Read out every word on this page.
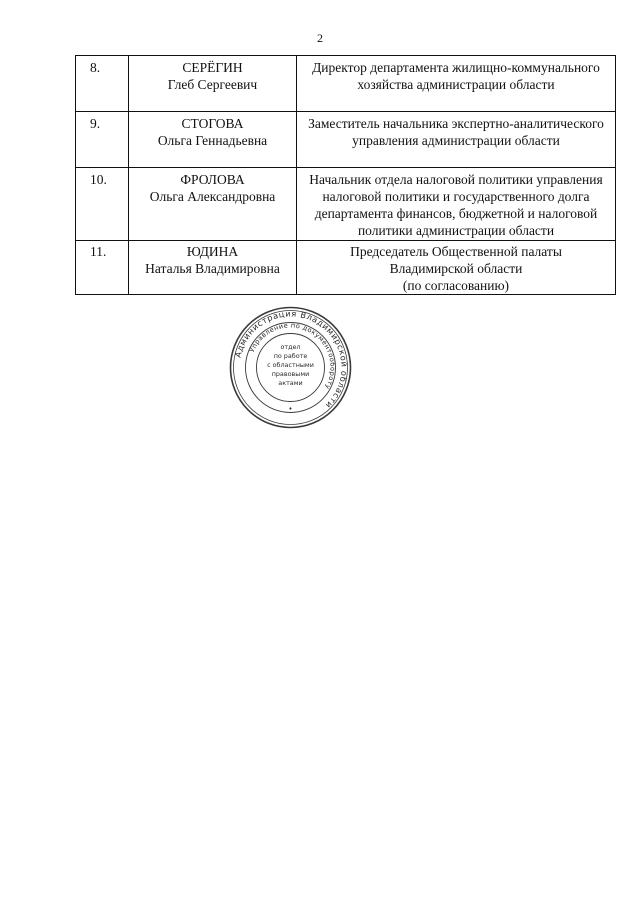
2
8.	СЕРЁГИН
Глеб Сергеевич	Директор департамента жилищно-коммунального
хозяйства администрации области

9.	СТОГОВА
Ольга Геннадьевна	Заместитель начальника экспертно-аналитического
управления администрации области

10.	ФРОЛОВА
Ольга Александровна	Начальник отдела налоговой политики управления
налоговой политики и государственного долга
департамента финансов, бюджетной и налоговой
политики администрации области

11.	ЮДИНА
Наталья Владимировна	Председатель Общественной палаты
Владимирской области
(по согласованию)
Администрация Владимирской области
Управление по документообороту
отдел
по работе
с областными
правовыми
актами
•
